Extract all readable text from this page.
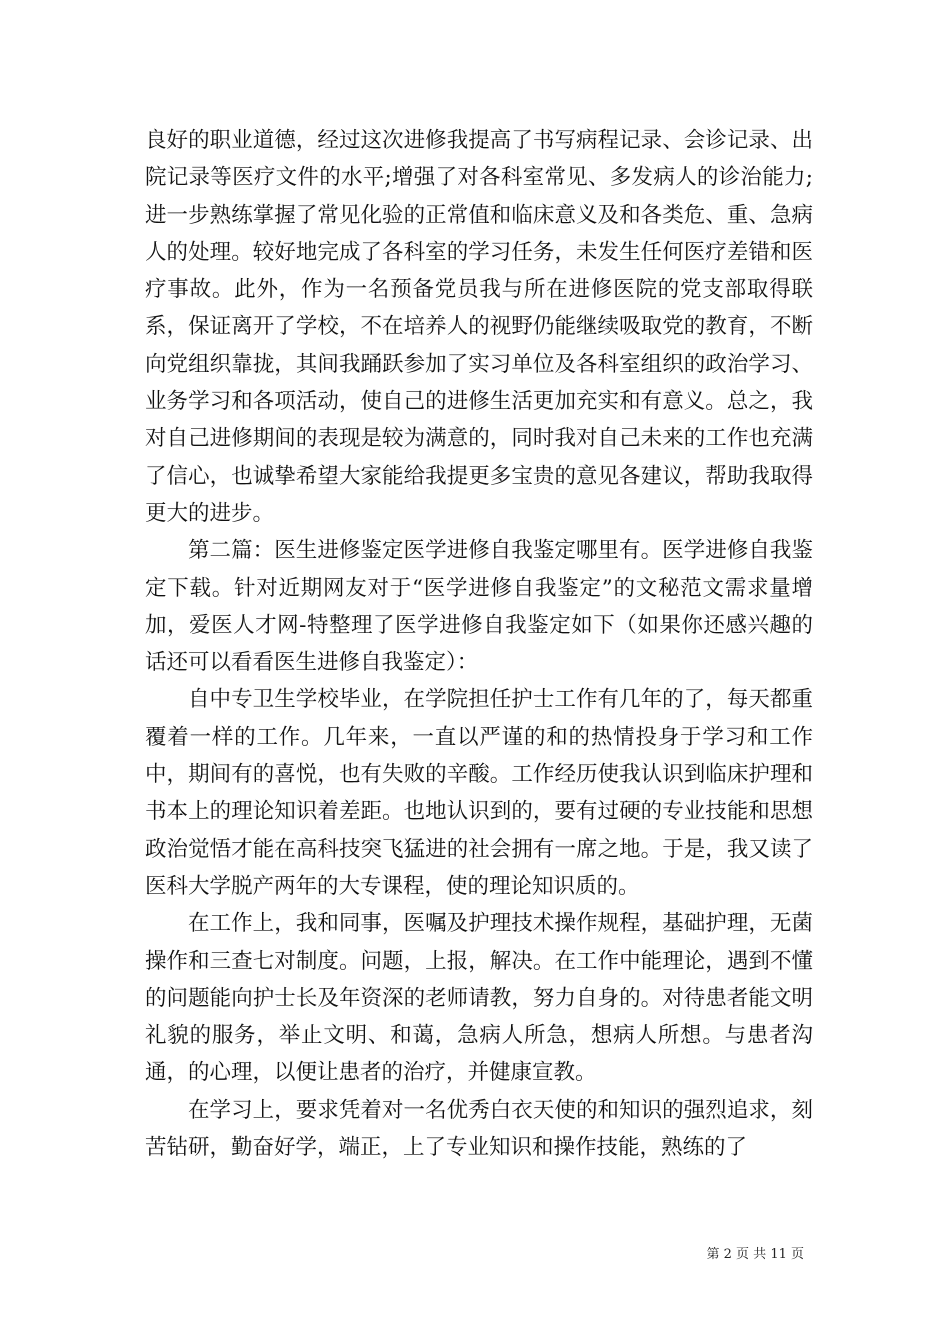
良好的职业道德，经过这次进修我提高了书写病程记录、会诊记录、出院记录等医疗文件的水平;增强了对各科室常见、多发病人的诊治能力;进一步熟练掌握了常见化验的正常值和临床意义及和各类危、重、急病人的处理。较好地完成了各科室的学习任务，未发生任何医疗差错和医疗事故。此外，作为一名预备党员我与所在进修医院的党支部取得联系，保证离开了学校，不在培养人的视野仍能继续吸取党的教育，不断向党组织靠拢，其间我踊跃参加了实习单位及各科室组织的政治学习、业务学习和各项活动，使自己的进修生活更加充实和有意义。总之，我对自己进修期间的表现是较为满意的，同时我对自己未来的工作也充满了信心，也诚挚希望大家能给我提更多宝贵的意见各建议，帮助我取得更大的进步。

第二篇：医生进修鉴定医学进修自我鉴定哪里有。医学进修自我鉴定下载。针对近期网友对于“医学进修自我鉴定”的文秘范文需求量增加，爱医人才网-特整理了医学进修自我鉴定如下（如果你还感兴趣的话还可以看看医生进修自我鉴定）：

自中专卫生学校毕业，在学院担任护士工作有几年的了，每天都重覆着一样的工作。几年来，一直以严谨的和的热情投身于学习和工作中，期间有的喜悦，也有失败的辛酸。工作经历使我认识到临床护理和书本上的理论知识着差距。也地认识到的，要有过硬的专业技能和思想政治觉悟才能在高科技突飞猛进的社会拥有一席之地。于是，我又读了医科大学脱产两年的大专课程，使的理论知识质的。

在工作上，我和同事，医嘱及护理技术操作规程，基础护理，无菌操作和三查七对制度。问题，上报，解决。在工作中能理论，遇到不懂的问题能向护士长及年资深的老师请教，努力自身的。对待患者能文明礼貌的服务，举止文明、和蔼，急病人所急，想病人所想。与患者沟通，的心理，以便让患者的治疗，并健康宣教。

在学习上，要求凭着对一名优秀白衣天使的和知识的强烈追求，刻苦钻研，勤奋好学，端正，上了专业知识和操作技能，熟练的了

第 2 页 共 11 页
